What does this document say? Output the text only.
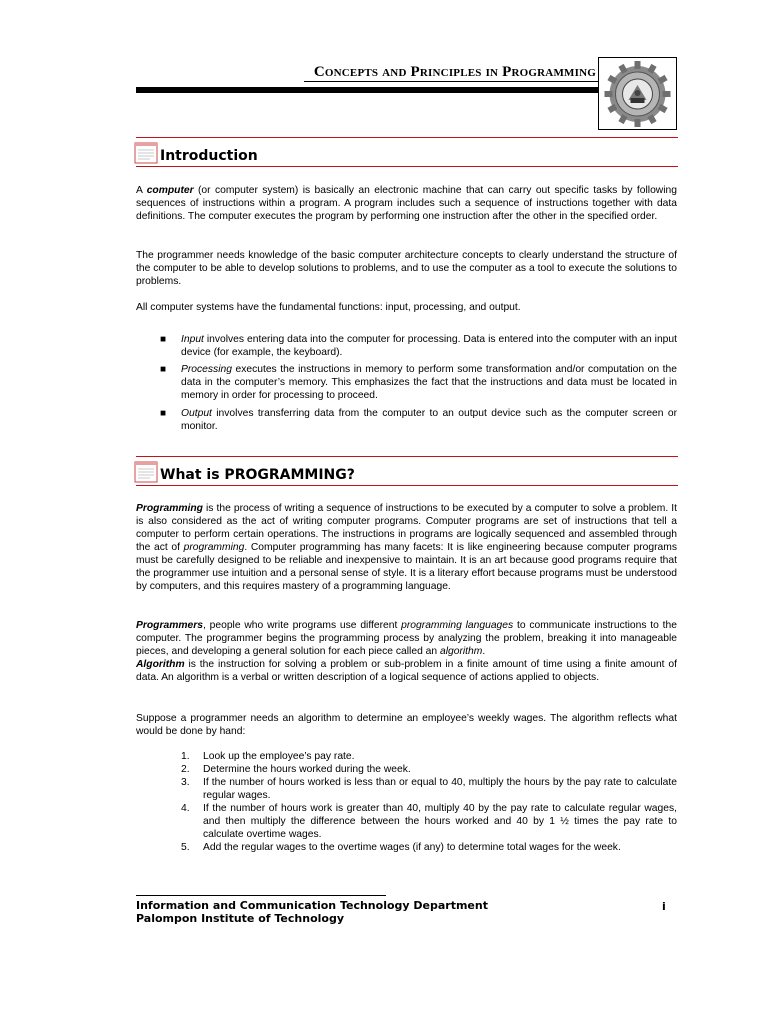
Concepts and Principles in Programming
Introduction

A computer (or computer system) is basically an electronic machine that can carry out specific tasks by following sequences of instructions within a program. A program includes such a sequence of instructions together with data definitions. The computer executes the program by performing one instruction after the other in the specified order.

The programmer needs knowledge of the basic computer architecture concepts to clearly understand the structure of the computer to be able to develop solutions to problems, and to use the computer as a tool to execute the solutions to problems.

All computer systems have the fundamental functions: input, processing, and output.

■ Input involves entering data into the computer for processing. Data is entered into the computer with an input device (for example, the keyboard).

■ Processing executes the instructions in memory to perform some transformation and/or computation on the data in the computer’s memory. This emphasizes the fact that the instructions and data must be located in memory in order for processing to proceed.

■ Output involves transferring data from the computer to an output device such as the computer screen or monitor.

What is PROGRAMMING?

Programming is the process of writing a sequence of instructions to be executed by a computer to solve a problem. It is also considered as the act of writing computer programs. Computer programs are set of instructions that tell a computer to perform certain operations. The instructions in programs are logically sequenced and assembled through the act of programming. Computer programming has many facets: It is like engineering because computer programs must be carefully designed to be reliable and inexpensive to maintain. It is an art because good programs require that the programmer use intuition and a personal sense of style. It is a literary effort because programs must be understood by computers, and this requires mastery of a programming language.

Programmers, people who write programs use different programming languages to communicate instructions to the computer. The programmer begins the programming process by analyzing the problem, breaking it into manageable pieces, and developing a general solution for each piece called an algorithm.
Algorithm is the instruction for solving a problem or sub-problem in a finite amount of time using a finite amount of data. An algorithm is a verbal or written description of a logical sequence of actions applied to objects.

Suppose a programmer needs an algorithm to determine an employee’s weekly wages. The algorithm reflects what would be done by hand:

1. Look up the employee’s pay rate.

2. Determine the hours worked during the week.

3. If the number of hours worked is less than or equal to 40, multiply the hours by the pay rate to calculate regular wages.

4. If the number of hours work is greater than 40, multiply 40 by the pay rate to calculate regular wages, and then multiply the difference between the hours worked and 40 by 1 ½ times the pay rate to calculate overtime wages.

5. Add the regular wages to the overtime wages (if any) to determine total wages for the week.

Information and Communication Technology Department
Palompon Institute of Technology
i
